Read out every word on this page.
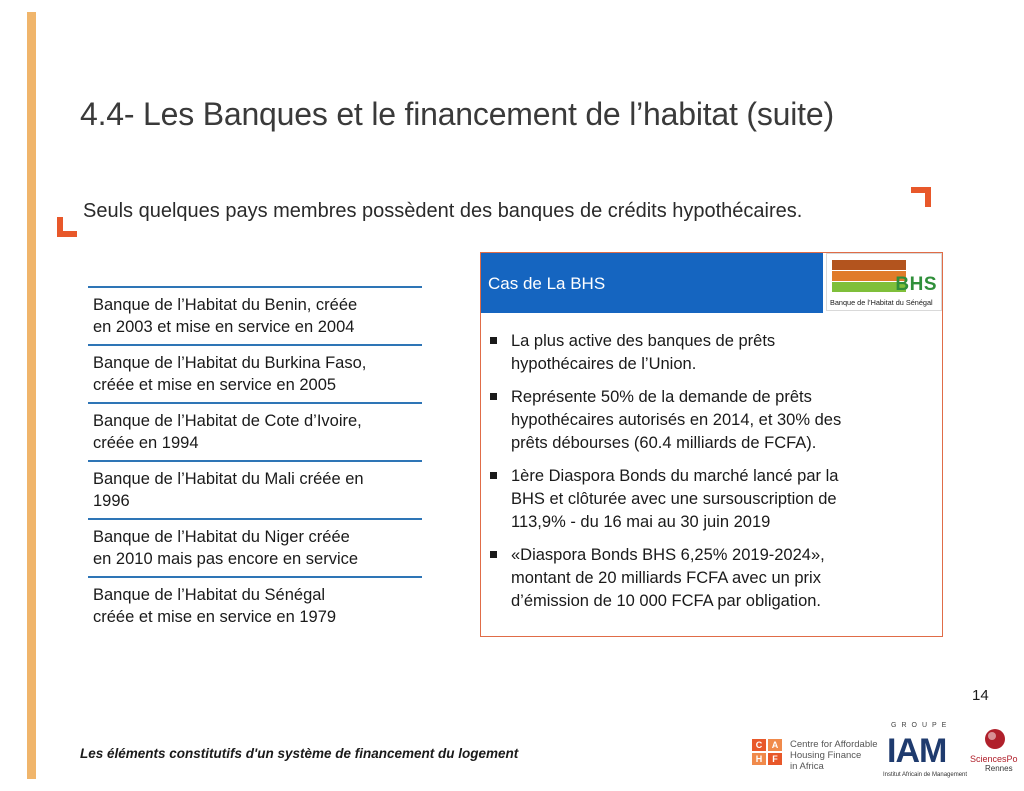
4.4- Les Banques et le financement de l’habitat (suite)
Seuls quelques pays membres possèdent des banques de crédits hypothécaires.
Banque de l’Habitat du Benin, créée
en 2003 et mise en service en 2004
Banque de l’Habitat du Burkina Faso,
créée et mise en service en 2005
Banque de l’Habitat de Cote d’Ivoire,
créée en 1994
Banque de l’Habitat du Mali créée en
1996
Banque de l’Habitat du Niger créée
en 2010 mais pas encore en service
Banque de l’Habitat du Sénégal
créée et mise en service en 1979
Cas de La BHS	BHS
Banque de l’Habitat du Sénégal
La plus active des banques de prêts
hypothécaires de l’Union.
Représente 50% de la demande de prêts
hypothécaires autorisés en 2014, et 30% des
prêts débourses (60.4 milliards de FCFA).
1ère Diaspora Bonds du marché lancé par la
BHS et clôturée avec une sursouscription de
113,9% - du 16 mai au 30 juin 2019
«Diaspora Bonds BHS 6,25% 2019-2024»,
montant de 20 milliards FCFA avec un prix
d’émission de 10 000 FCFA par obligation.
14
Les éléments constitutifs d'un système de financement du logement
C	A
H	F
Centre for Affordable
Housing Finance
in Africa
GROUPE
IAM
Institut Africain de Management
SciencesPo
Rennes
